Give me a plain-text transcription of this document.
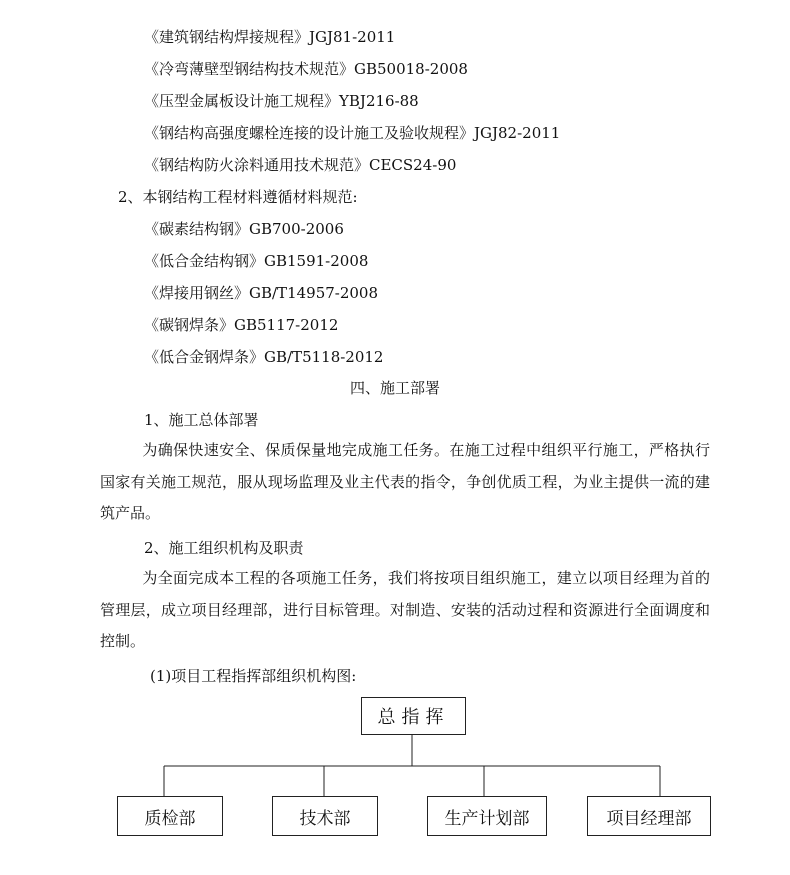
《建筑钢结构焊接规程》JGJ81-2011
《冷弯薄壁型钢结构技术规范》GB50018-2008
《压型金属板设计施工规程》YBJ216-88
《钢结构高强度螺栓连接的设计施工及验收规程》JGJ82-2011
《钢结构防火涂料通用技术规范》CECS24-90
2、本钢结构工程材料遵循材料规范:
《碳素结构钢》GB700-2006
《低合金结构钢》GB1591-2008
《焊接用钢丝》GB/T14957-2008
《碳钢焊条》GB5117-2012
《低合金钢焊条》GB/T5118-2012
四、施工部署
1、施工总体部署
为确保快速安全、保质保量地完成施工任务。在施工过程中组织平行施工，严格执行国家有关施工规范，服从现场监理及业主代表的指令，争创优质工程，为业主提供一流的建筑产品。
2、施工组织机构及职责
为全面完成本工程的各项施工任务，我们将按项目组织施工，建立以项目经理为首的管理层，成立项目经理部，进行目标管理。对制造、安装的活动过程和资源进行全面调度和控制。
(1)项目工程指挥部组织机构图:
总指挥
质检部	技术部	生产计划部	项目经理部
